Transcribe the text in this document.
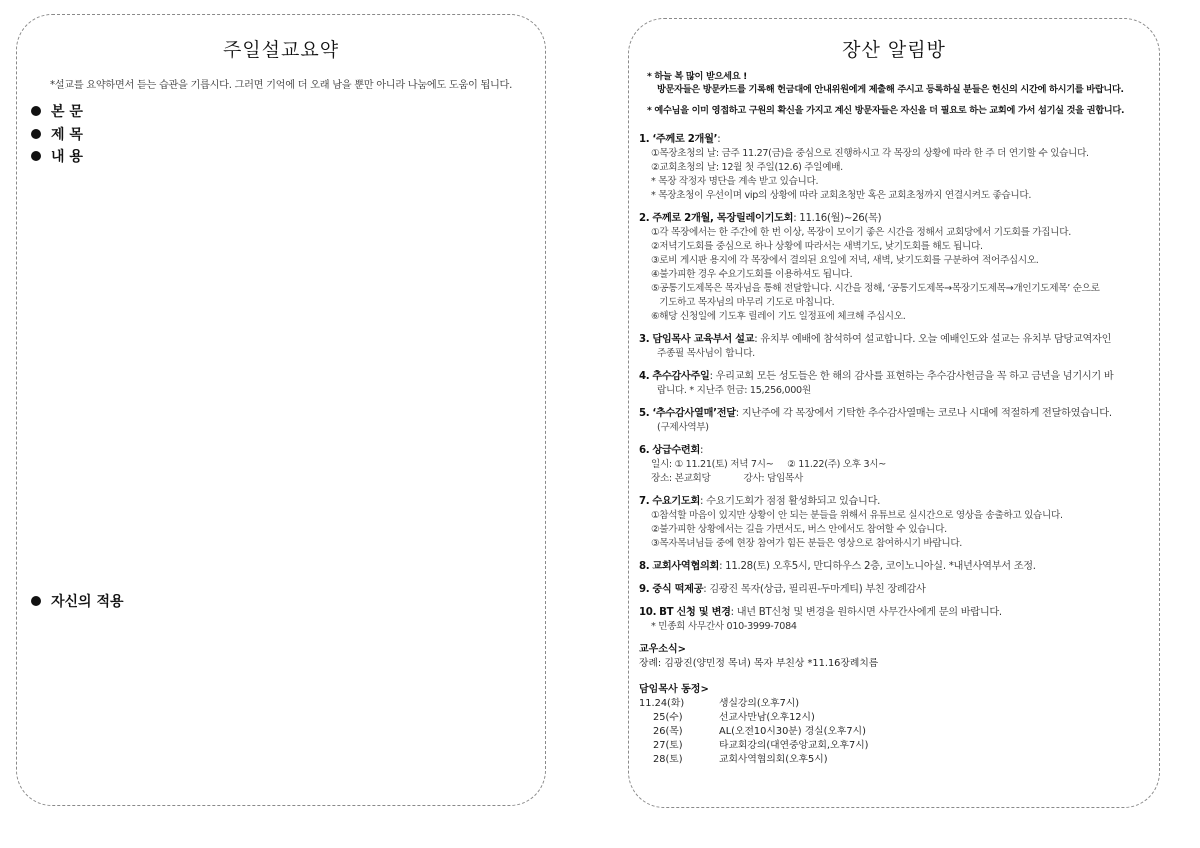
주일설교요약
*설교를 요약하면서 듣는 습관을 기릅시다. 그러면 기억에 더 오래 남을 뿐만 아니라 나눔에도 도움이 됩니다.
본 문
제 목
내 용
자신의 적용
장산 알림방
* 하늘 복 많이 받으세요 !
방문자들은 방문카드를 기록해 헌금대에 안내위원에게 제출해 주시고 등록하실 분들은 헌신의 시간에 하시기를 바랍니다.
* 예수님을 이미 영접하고 구원의 확신을 가지고 계신 방문자들은 자신을 더 필요로 하는 교회에 가서 섬기실 것을 권합니다.
1. ‘주께로 2개월’:
①목장초청의 날: 금주 11.27(금)을 중심으로 진행하시고 각 목장의 상황에 따라 한 주 더 연기할 수 있습니다.
②교회초청의 날: 12월 첫 주일(12.6) 주일예배.
* 목장 작정자 명단을 계속 받고 있습니다.
* 목장초청이 우선이며 vip의 상황에 따라 교회초청만 혹은 교회초청까지 연결시켜도 좋습니다.
2. 주께로 2개월, 목장릴레이기도회: 11.16(월)~26(목)
①각 목장에서는 한 주간에 한 번 이상, 목장이 모이기 좋은 시간을 정해서 교회당에서 기도회를 가집니다.
②저녁기도회를 중심으로 하나 상황에 따라서는 새벽기도, 낮기도회를 해도 됩니다.
③로비 게시판 용지에 각 목장에서 결의된 요일에 저녁, 새벽, 낮기도회를 구분하여 적어주십시오.
④불가피한 경우 수요기도회를 이용하셔도 됩니다.
⑤공통기도제목은 목자님을 통해 전달합니다. 시간을 정해, ‘공통기도제목→목장기도제목→개인기도제목’ 순으로
기도하고 목자님의 마무리 기도로 마칩니다.
⑥해당 신청일에 기도후 릴레이 기도 일정표에 체크해 주십시오.
3. 담임목사 교육부서 설교: 유치부 예배에 참석하여 설교합니다. 오늘 예배인도와 설교는 유치부 담당교역자인
주종필 목사님이 합니다.
4. 추수감사주일: 우리교회 모든 성도들은 한 해의 감사를 표현하는 추수감사헌금을 꼭 하고 금년을 넘기시기 바
랍니다. * 지난주 헌금: 15,256,000원
5. ‘추수감사열매’전달: 지난주에 각 목장에서 기탁한 추수감사열매는 코로나 시대에 적절하게 전달하였습니다.
(구제사역부)
6. 상급수련회:
일시: ① 11.21(토) 저녁 7시~     ② 11.22(주) 오후 3시~
장소: 본교회당            강사: 담임목사
7. 수요기도회: 수요기도회가 점점 활성화되고 있습니다.
①참석할 마음이 있지만 상황이 안 되는 분들을 위해서 유튜브로 실시간으로 영상을 송출하고 있습니다.
②불가피한 상황에서는 길을 가면서도, 버스 안에서도 참여할 수 있습니다.
③목자목녀님들 중에 현장 참여가 힘든 분들은 영상으로 참여하시기 바랍니다.
8. 교회사역협의회: 11.28(토) 오후5시, 만디하우스 2층, 코이노니아실. *내년사역부서 조정.
9. 중식 떡제공: 김광진 목자(상급, 필리핀-두마게티) 부친 장례감사
10. BT 신청 및 변경: 내년 BT신청 및 변경을 원하시면 사무간사에게 문의 바랍니다.
* 민종희 사무간사 010-3999-7084
교우소식>
장례: 김광진(양민정 목녀) 목자 부친상 *11.16장례치름
담임목사 동정>
11.24(화)	생실강의(오후7시)
25(수)	선교사만남(오후12시)
26(목)	AL(오전10시30분) 경실(오후7시)
27(토)	타교회강의(대연중앙교회,오후7시)
28(토)	교회사역협의회(오후5시)
